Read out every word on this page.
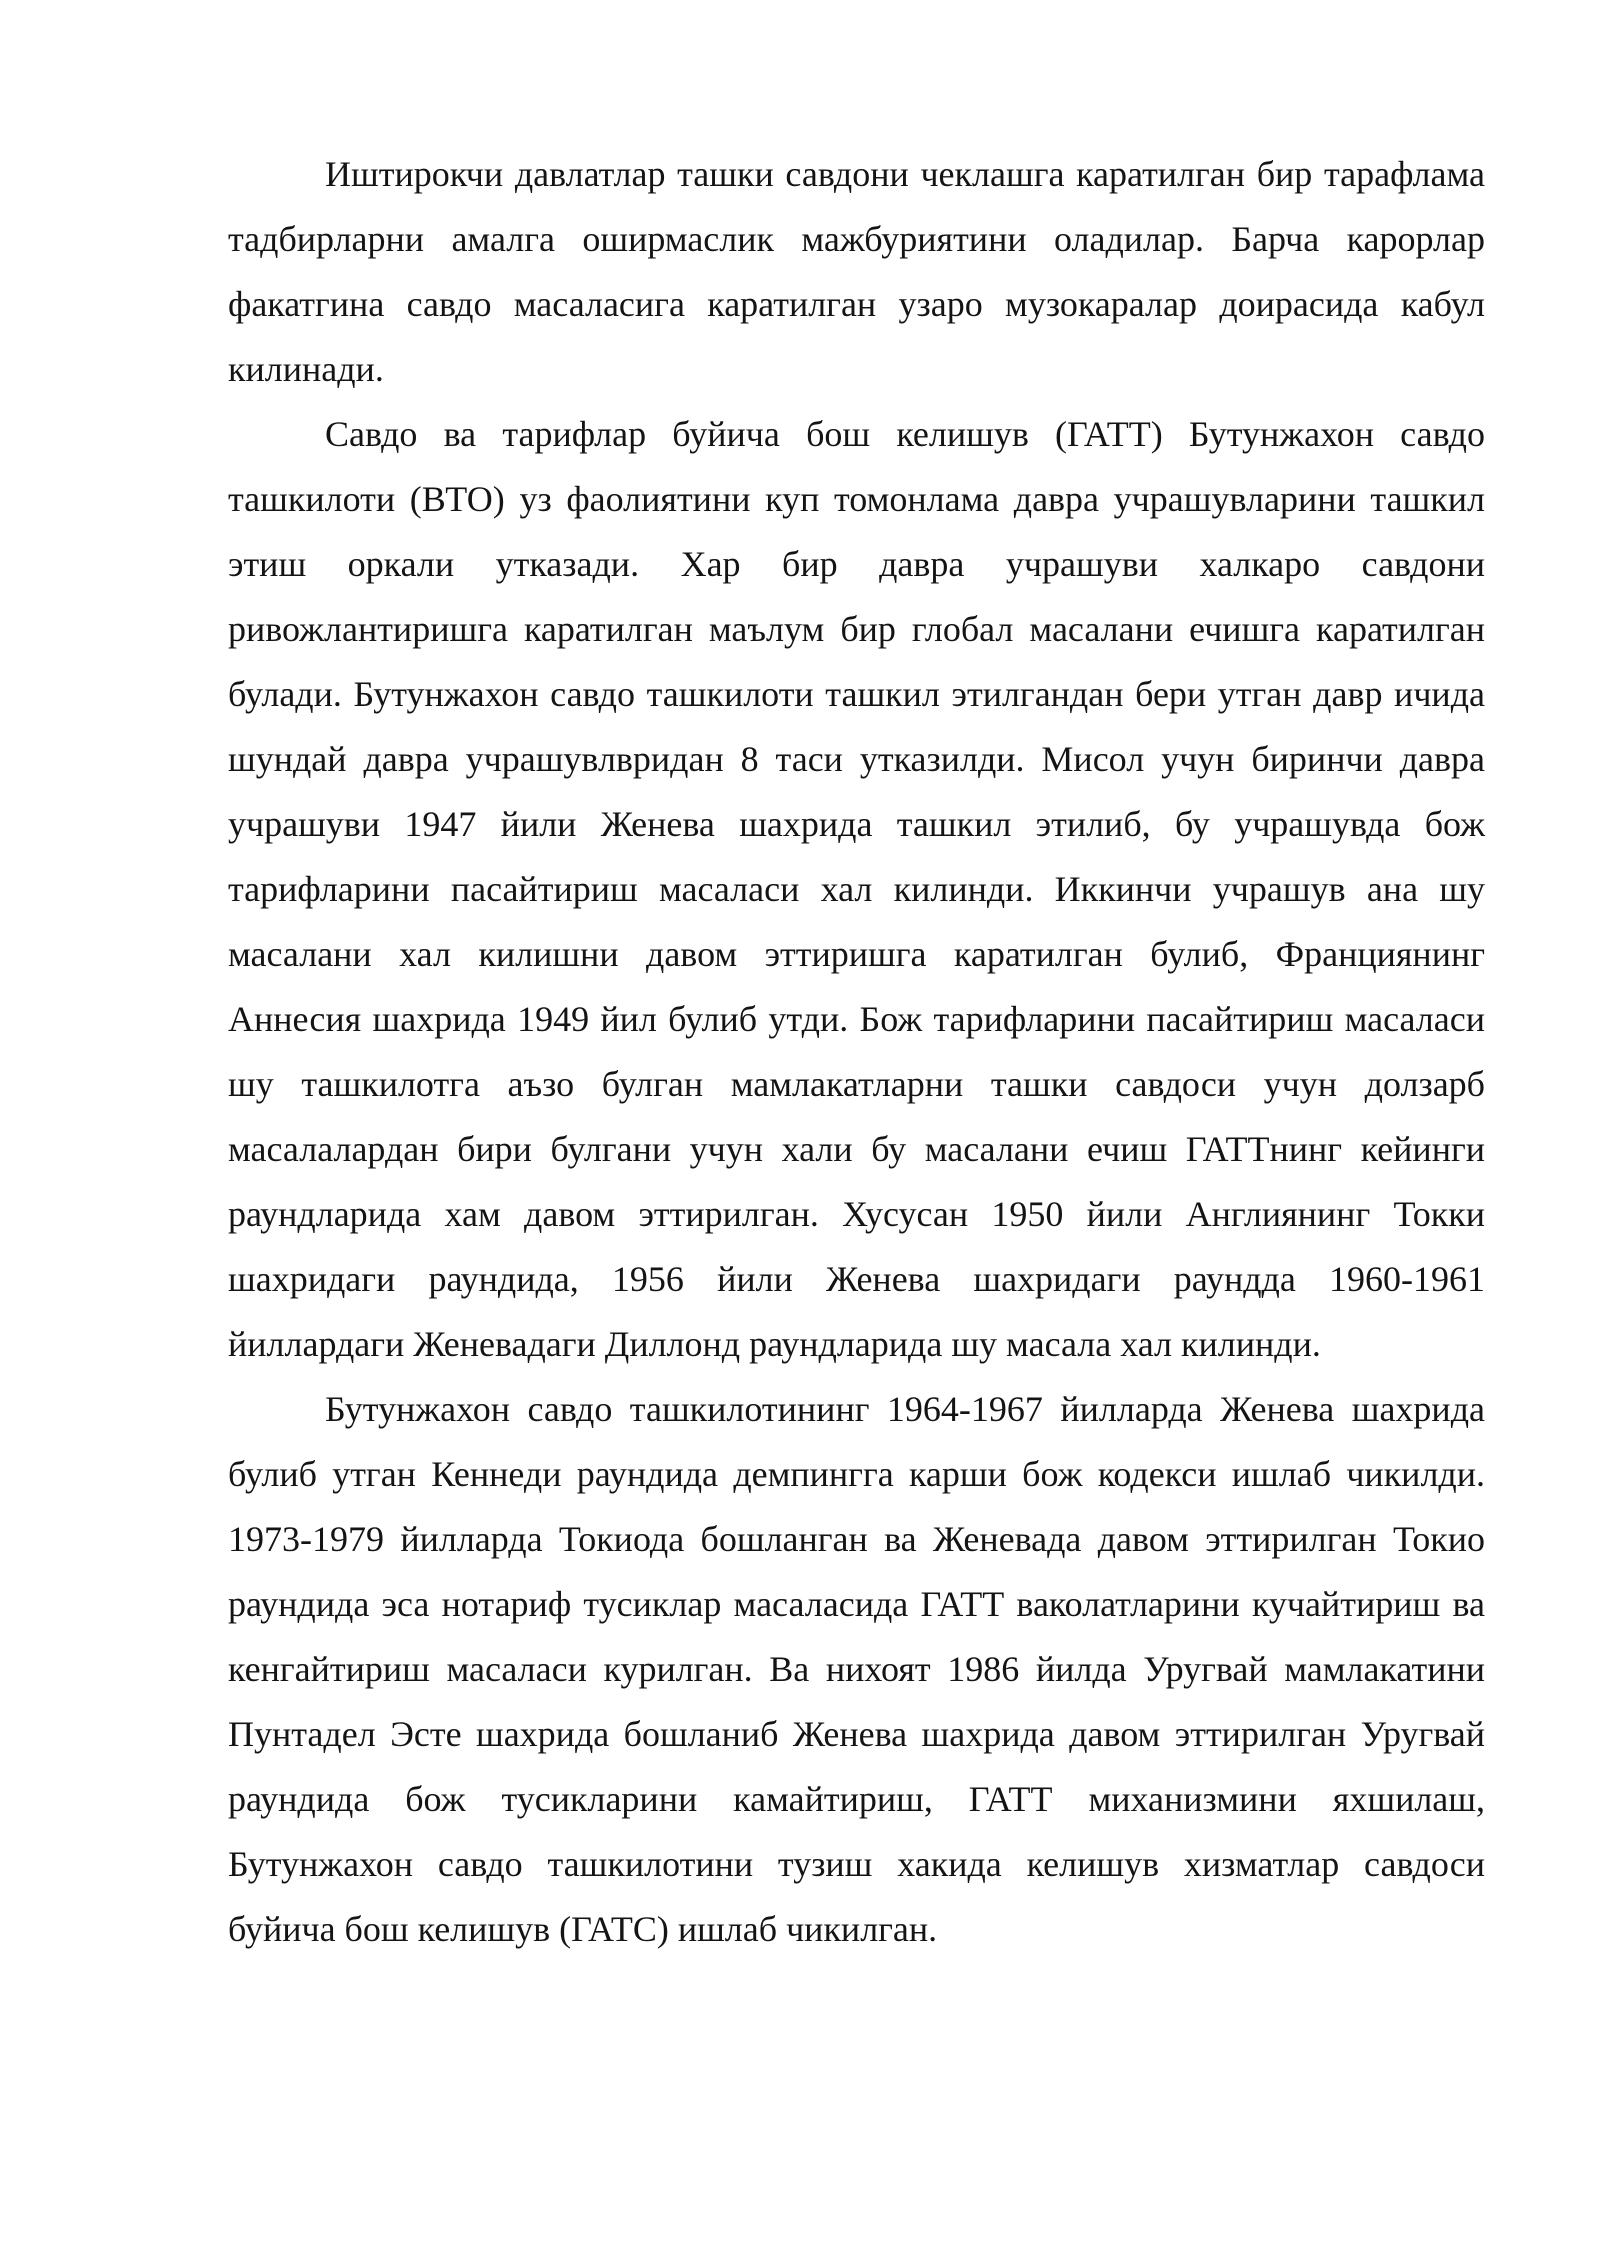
Иштирокчи давлатлар ташки савдони чеклашга каратилган бир тарафлама тадбирларни амалга оширмаслик мажбуриятини оладилар. Барча карорлар факатгина савдо масаласига каратилган узаро музокаралар доирасида кабул килинади.

Савдо ва тарифлар буйича бош келишув (ГАТТ) Бутунжахон савдо ташкилоти (ВТО) уз фаолиятини куп томонлама давра учрашувларини ташкил этиш оркали утказади. Хар бир давра учрашуви халкаро савдони ривожлантиришга каратилган маълум бир глобал масалани ечишга каратилган булади. Бутунжахон савдо ташкилоти ташкил этилгандан бери утган давр ичида шундай давра учрашувлвридан 8 таси утказилди. Мисол учун биринчи давра учрашуви 1947 йили Женева шахрида ташкил этилиб, бу учрашувда бож тарифларини пасайтириш масаласи хал килинди. Иккинчи учрашув ана шу масалани хал килишни давом эттиришга каратилган булиб, Франциянинг Аннесия шахрида 1949 йил булиб утди. Бож тарифларини пасайтириш масаласи шу ташкилотга аъзо булган мамлакатларни ташки савдоси учун долзарб масалалардан бири булгани учун хали бу масалани ечиш ГАТТнинг кейинги раундларида хам давом эттирилган. Хусусан 1950 йили Англиянинг Токки шахридаги раундида, 1956 йили Женева шахридаги раундда 1960-1961 йиллардаги Женевадаги Диллонд раундларида шу масала хал килинди.

Бутунжахон савдо ташкилотининг 1964-1967 йилларда Женева шахрида булиб утган Кеннеди раундида демпингга карши бож кодекси ишлаб чикилди. 1973-1979 йилларда Токиода бошланган ва Женевада давом эттирилган Токио раундида эса нотариф тусиклар масаласида ГАТТ ваколатларини кучайтириш ва кенгайтириш масаласи курилган. Ва нихоят 1986 йилда Уругвай мамлакатини Пунтадел Эсте шахрида бошланиб Женева шахрида давом эттирилган Уругвай раундида бож тусикларини камайтириш, ГАТТ миханизмини яхшилаш, Бутунжахон савдо ташкилотини тузиш хакида келишув хизматлар савдоси буйича бош келишув (ГАТС) ишлаб чикилган.
